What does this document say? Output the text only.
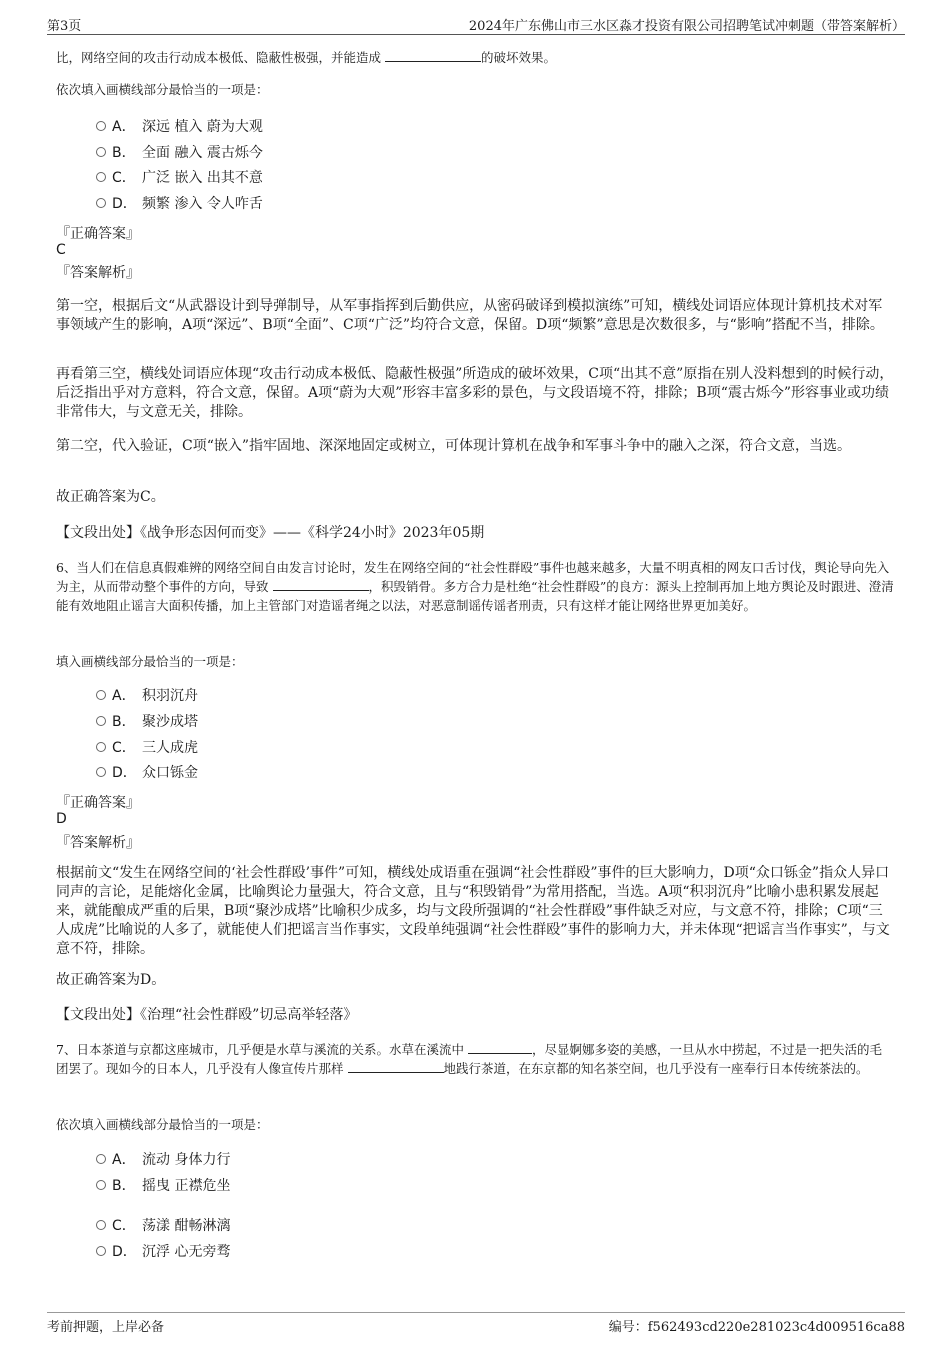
第3页	2024年广东佛山市三水区淼才投资有限公司招聘笔试冲刺题（带答案解析）
比，网络空间的攻击行动成本极低、隐蔽性极强，并能造成	的破坏效果。
依次填入画横线部分最恰当的一项是：
A． 深远 植入 蔚为大观
B． 全面 融入 震古烁今
C． 广泛 嵌入 出其不意
D． 频繁 渗入 令人咋舌
『正确答案』
C
『答案解析』
第一空，根据后文“从武器设计到导弹制导，从军事指挥到后勤供应，从密码破译到模拟演练”可知，横线处词语应体现计算机技术对军事领域产生的影响，A项“深远”、B项“全面”、C项“广泛”均符合文意，保留。D项“频繁”意思是次数很多，与“影响”搭配不当，排除。
再看第三空，横线处词语应体现“攻击行动成本极低、隐蔽性极强”所造成的破坏效果，C项“出其不意”原指在别人没料想到的时候行动，后泛指出乎对方意料，符合文意，保留。A项“蔚为大观”形容丰富多彩的景色，与文段语境不符，排除；B项“震古烁今”形容事业或功绩非常伟大，与文意无关，排除。
第二空，代入验证，C项“嵌入”指牢固地、深深地固定或树立，可体现计算机在战争和军事斗争中的融入之深，符合文意，当选。
故正确答案为C。
【文段出处】《战争形态因何而变》——《科学24小时》2023年05期
6、当人们在信息真假难辨的网络空间自由发言讨论时，发生在网络空间的“社会性群殴”事件也越来越多，大量不明真相的网友口舌讨伐，舆论导向先入为主，从而带动整个事件的方向，导致	，积毁销骨。多方合力是杜绝“社会性群殴”的良方：源头上控制再加上地方舆论及时跟进、澄清能有效地阻止谣言大面积传播，加上主管部门对造谣者绳之以法，对恶意制谣传谣者刑责，只有这样才能让网络世界更加美好。
填入画横线部分最恰当的一项是：
A． 积羽沉舟
B． 聚沙成塔
C． 三人成虎
D． 众口铄金
『正确答案』
D
『答案解析』
根据前文“发生在网络空间的‘社会性群殴’事件”可知，横线处成语重在强调“社会性群殴”事件的巨大影响力，D项“众口铄金”指众人异口同声的言论，足能熔化金属，比喻舆论力量强大，符合文意，且与“积毁销骨”为常用搭配，当选。A项“积羽沉舟”比喻小患积累发展起来，就能酿成严重的后果，B项“聚沙成塔”比喻积少成多，均与文段所强调的“社会性群殴”事件缺乏对应，与文意不符，排除；C项“三人成虎”比喻说的人多了，就能使人们把谣言当作事实，文段单纯强调“社会性群殴”事件的影响力大，并未体现“把谣言当作事实”，与文意不符，排除。
故正确答案为D。
【文段出处】《治理“社会性群殴”切忌高举轻落》
7、日本茶道与京都这座城市，几乎便是水草与溪流的关系。水草在溪流中	，尽显婀娜多姿的美感，一旦从水中捞起，不过是一把失活的毛团罢了。现如今的日本人，几乎没有人像宣传片那样	地践行茶道，在东京都的知名茶空间，也几乎没有一座奉行日本传统茶法的。
依次填入画横线部分最恰当的一项是：
A． 流动 身体力行
B． 摇曳 正襟危坐
C． 荡漾 酣畅淋漓
D． 沉浮 心无旁骛
考前押题，上岸必备	编号：f562493cd220e281023c4d009516ca88
